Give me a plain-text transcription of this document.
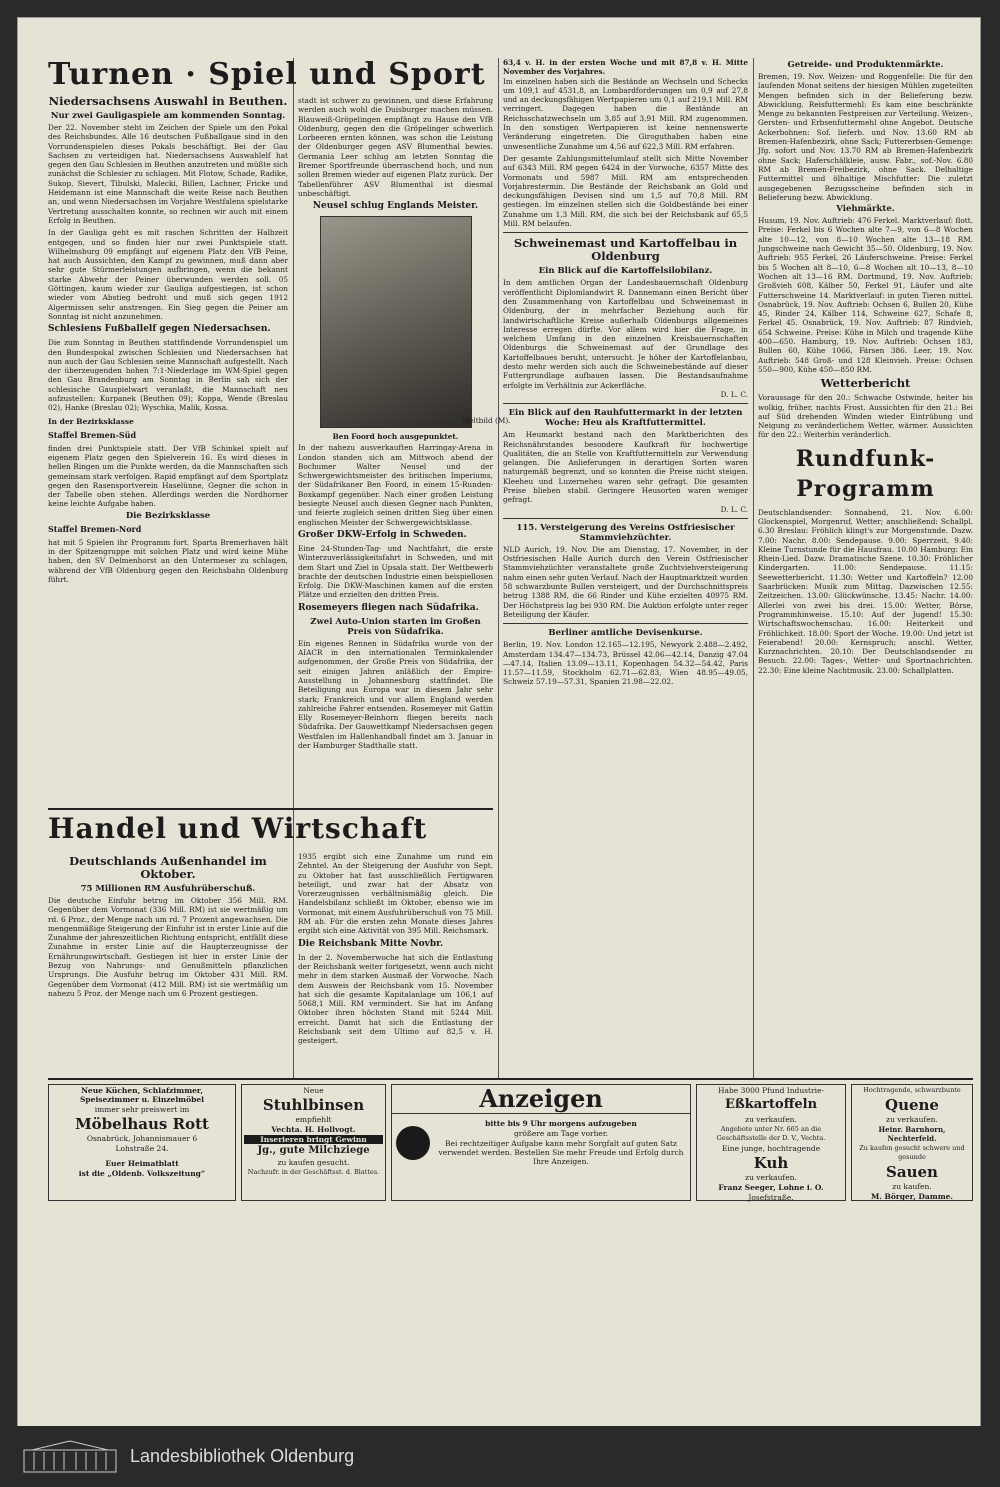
Turnen · Spiel und Sport
Niedersachsens Auswahl in Beuthen.
Nur zwei Gauligaspiele am kommenden Sonntag.

Der 22. November steht im Zeichen der Spiele um den Pokal des Reichsbundes. Alle 16 deutschen Fußballgaue sind in den Vorrundenspielen dieses Pokals beschäftigt. Bei der Gau Sachsen zu verteidigen hat. Niedersachsens Auswahlelf hat gegen den Gau Schlesien in Beuthen anzutreten und müßte sich zunächst die Schlesier zu schlagen. Mit Flotow, Schade, Radike, Sukop, Sievert, Tibulski, Malecki, Billen, Lachner, Fricke und Heidemann ist eine Mannschaft die weite Reise nach Beuthen an, und wenn Niedersachsen im Vorjahre Westfalens spielstarke Vertretung ausschalten konnte, so rechnen wir auch mit einem Erfolg in Beuthen.

In der Gauliga geht es mit raschen Schritten der Halbzeit entgegen, und so finden hier nur zwei Punktspiele statt. Wilhelmsburg 09 empfängt auf eigenem Platz den VfB Peine, hat auch Aussichten, den Kampf zu gewinnen, muß dann aber sehr gute Stürmerleistungen aufbringen, wenn die bekannt starke Abwehr der Peiner überwunden werden soll. 05 Göttingen, kaum wieder zur Gauliga aufgestiegen, ist schon wieder vom Abstieg bedroht und muß sich gegen 1912 Algermissen sehr anstrengen. Ein Sieg gegen die Peiner am Sonntag ist nicht anzunehmen.

Schlesiens Fußballelf gegen Niedersachsen.

Die zum Sonntag in Beuthen stattfindende Vorrundenspiel um den Bundespokal zwischen Schlesien und Niedersachsen hat nun auch der Gau Schlesien seine Mannschaft aufgestellt. Nach der überzeugenden hohen 7:1-Niederlage im WM-Spiel gegen den Gau Brandenburg am Sonntag in Berlin sah sich der schlesische Gauspielwart veranlaßt, die Mannschaft neu aufzustellen: Kurpanek (Beuthen 09); Koppa, Wende (Breslau 02), Hanke (Breslau 02); Wyschka, Malik, Kossa.

In der Bezirksklasse
Staffel Bremen-Süd

finden drei Punktspiele statt. Der VfB Schinkel spielt auf eigenem Platz gegen den Spielverein 16. Es wird dieses in hellen Ringen um die Punkte werden, da die Mannschaften sich gemeinsam stark verfolgen. Rapid empfängt auf dem Sportplatz gegen den Rasensportverein Haselünne, Gegner die schon in der Tabelle oben stehen. Allerdings werden die Nordhorner keine leichte Aufgabe haben.

Die Bezirksklasse
Staffel Bremen-Nord

hat mit 5 Spielen ihr Programm fort. Sparta Bremerhaven hält in der Spitzengruppe mit solchen Platz und wird keine Mühe haben, den SV Delmenhorst an den Untermeser zu schlagen, während der VfB Oldenburg gegen den Reichsbahn Oldenburg führt.

stadt ist schwer zu gewinnen, und diese Erfahrung werden auch wohl die Duisburger machen müssen. Blauweiß-Gröpelingen empfängt zu Hause den VfB Oldenburg, gegen den die Gröpelinger schwerlich Lorbeeren ernten können, was schon die Leistung der Oldenburger gegen ASV Blumenthal bewies. Germania Leer schlug am letzten Sonntag die Bremer Sportfreunde überraschend hoch, und nun sollen Bremen wieder auf eigenen Platz zurück. Der Tabellenführer ASV Blumenthal ist diesmal unbeschäftigt.

Neusel schlug Englands Meister.
Weltbild (M).
Ben Foord hoch ausgepunktet.

In der nahezu ausverkauften Harringay-Arena in London standen sich am Mittwoch abend der Bochumer Walter Neusel und der Schwergewichtsmeister des britischen Imperiums, der Südafrikaner Ben Foord, in einem 15-Runden-Boxkampf gegenüber. Nach einer großen Leistung besiegte Neusel auch diesen Gegner nach Punkten, und feierte zugleich seinen dritten Sieg über einen englischen Meister der Schwergewichtsklasse.

Großer DKW-Erfolg in Schweden.

Eine 24-Stunden-Tag- und Nachtfahrt, die erste Winterzuverlässigkeitsfahrt in Schweden, und mit dem Start und Ziel in Upsala statt. Der Wettbewerb brachte der deutschen Industrie einen beispiellosen Erfolg. Die DKW-Maschinen kamen auf die ersten Plätze und erzielten den dritten Preis.

Rosemeyers fliegen nach Südafrika.
Zwei Auto-Union starten im Großen Preis von Südafrika.

Ein eigenes Rennen in Südafrika wurde von der AIACR in den internationalen Terminkalender aufgenommen, der Große Preis von Südafrika, der seit einigen Jahren anläßlich der Empire-Ausstellung in Johannesburg stattfindet. Die Beteiligung aus Europa war in diesem Jahr sehr stark; Frankreich und vor allem England werden zahlreiche Fahrer entsenden. Rosemeyer mit Gattin Elly Rosemeyer-Beinhorn fliegen bereits nach Südafrika. Der Gauwettkampf Niedersachsen gegen Westfalen im Hallenhandball findet am 3. Januar in der Hamburger Stadthalle statt.

63,4 v. H. in der ersten Woche und mit 87,8 v. H. Mitte November des Vorjahres.

Im einzelnen haben sich die Bestände an Wechseln und Schecks um 109,1 auf 4531,8, an Lombardforderungen um 0,9 auf 27,8 und an deckungsfähigen Wertpapieren um 0,1 auf 219,1 Mill. RM verringert. Dagegen haben die Bestände an Reichsschatzwechseln um 3,85 auf 3,91 Mill. RM zugenommen. In den sonstigen Wertpapieren ist keine nennenswerte Veränderung eingetreten. Die Giroguthaben haben eine unwesentliche Zunahme um 4,56 auf 622,3 Mill. RM erfahren.

Der gesamte Zahlungsmittelumlauf stellt sich Mitte November auf 6343 Mill. RM gegen 6424 in der Vorwoche, 6357 Mitte des Vormonats und 5987 Mill. RM am entsprechenden Vorjahrestermin. Die Bestände der Reichsbank an Gold und deckungsfähigen Devisen sind um 1,5 auf 70,8 Mill. RM gestiegen. Im einzelnen stellen sich die Goldbestände bei einer Zunahme um 1,3 Mill. RM, die sich bei der Reichsbank auf 65,5 Mill. RM belaufen.

Schweinemast und Kartoffelbau in Oldenburg
Ein Blick auf die Kartoffelsilobilanz.

In dem amtlichen Organ der Landesbauernschaft Oldenburg veröffentlicht Diplomlandwirt R. Dannemann einen Bericht über den Zusammenhang von Kartoffelbau und Schweinemast in Oldenburg, der in mehrfacher Beziehung auch für landwirtschaftliche Kreise außerhalb Oldenburgs allgemeines Interesse erregen dürfte. Vor allem wird hier die Frage, in welchem Umfang in den einzelnen Kreisbauernschaften Oldenburgs die Schweinemast auf der Grundlage des Kartoffelbaues beruht, untersucht. Je höher der Kartoffelanbau, desto mehr werden sich auch die Schweinebestände auf dieser Futtergrundlage aufbauen lassen. Die Bestandsaufnahme erfolgte im Verhältnis zur Ackerfläche.

D. L. C.
Ein Blick auf den Rauhfuttermarkt in der letzten Woche: Heu als Kraftfuttermittel.

Am Heumarkt bestand nach den Marktberichten des Reichsnährstandes besondere Kaufkraft für hochwertige Qualitäten, die an Stelle von Kraftfuttermitteln zur Verwendung gelangen. Die Anlieferungen in derartigen Sorten waren naturgemäß begrenzt, und so konnten die Preise nicht steigen. Kleeheu und Luzerneheu waren sehr gefragt. Die gesamten Preise blieben stabil. Geringere Heusorten waren weniger gefragt.

D. L. C.
115. Versteigerung des Vereins Ostfriesischer Stammviehzüchter.

NLD Aurich, 19. Nov. Die am Dienstag, 17. November, in der Ostfriesischen Halle Aurich durch den Verein Ostfriesischer Stammviehzüchter veranstaltete große Zuchtviehversteigerung nahm einen sehr guten Verlauf. Nach der Hauptmarktzeit wurden 58 schwarzbunte Bullen versteigert, und der Durchschnittspreis betrug 1388 RM, die 66 Rinder und Kühe erzielten 40975 RM. Der Höchstpreis lag bei 930 RM. Die Auktion erfolgte unter reger Beteiligung der Käufer.

Berliner amtliche Devisenkurse.

Berlin, 19. Nov. London 12.165—12.195, Newyork 2.488—2.492, Amsterdam 134.47—134.73, Brüssel 42.06—42.14, Danzig 47.04—47.14, Italien 13.09—13.11, Kopenhagen 54.32—54.42, Paris 11.57—11.59, Stockholm 62.71—62.83, Wien 48.95—49.05, Schweiz 57.19—57.31, Spanien 21.98—22.02.

Getreide- und Produktenmärkte.

Bremen, 19. Nov. Weizen- und Roggenfelle: Die für den laufenden Monat seitens der hiesigen Mühlen zugeteilten Mengen befinden sich in der Belieferung bezw. Abwicklung. Reisfuttermehl: Es kam eine beschränkte Menge zu bekannten Festpreisen zur Verteilung. Weizen-, Gersten- und Erbsenfuttermehl ohne Angebot. Deutsche Ackerbohnen: Sof. lieferb. und Nov. 13.60 RM ab Bremen-Hafenbezirk, ohne Sack; Futtererbsen-Gemenge: Jfg. sofort und Nov. 13.70 RM ab Bremen-Hafenbezirk ohne Sack; Haferschälkleie, ausw. Fabr., sof.-Nov. 6.80 RM ab Bremen-Freibezirk, ohne Sack. Delhaltige Futtermittel und ölhaltige Mischfutter: Die zuletzt ausgegebenen Bezugsscheine befinden sich in Belieferung bezw. Abwicklung.

Viehmärkte.

Husum, 19. Nov. Auftrieb: 476 Ferkel. Marktverlauf: flott. Preise: Ferkel bis 6 Wochen alte 7—9, von 6—8 Wochen alte 10—12, von 8—10 Wochen alte 13—18 RM. Jungschweine nach Gewicht 35—50. Oldenburg, 19. Nov. Auftrieb: 955 Ferkel, 26 Läuferschweine. Preise: Ferkel bis 5 Wochen alt 8—10, 6—8 Wochen alt 10—13, 8—10 Wochen alt 13—16 RM. Dortmund, 19. Nov. Auftrieb: Großvieh 608, Kälber 50, Ferkel 91, Läufer und alte Futterschweine 14. Marktverlauf: in guten Tieren mittel. Osnabrück, 19. Nov. Auftrieb: Ochsen 6, Bullen 20, Kühe 45, Rinder 24, Kälber 114, Schweine 627, Schafe 8, Ferkel 45. Osnabrück, 19. Nov. Auftrieb: 87 Rindvieh, 654 Schweine. Preise: Kühe in Milch und tragende Kühe 400—650. Hamburg, 19. Nov. Auftrieb: Ochsen 183, Bullen 60, Kühe 1066, Färsen 386. Leer, 19. Nov. Auftrieb: 548 Groß- und 128 Kleinvieh. Preise: Ochsen 550—900, Kühe 450—850 RM.

Wetterbericht

Voraussage für den 20.: Schwache Ostwinde, heiter bis wolkig, früher, nachts Frost. Aussichten für den 21.: Bei auf Süd drehenden Winden wieder Eintrübung und Neigung zu veränderlichem Wetter, wärmer. Aussichten für den 22.: Weiterhin veränderlich.

Rundfunk-Programm

Deutschlandsender: Sonnabend, 21. Nov. 6.00: Glockenspiel, Morgenruf, Wetter; anschließend: Schallpl. 6.30 Breslau: Fröhlich klingt's zur Morgenstunde. Dazw. 7.00: Nachr. 8.00: Sendepause. 9.00: Sperrzeit. 9.40: Kleine Turnstunde für die Hausfrau. 10.00 Hamburg: Ein Rhein-Lied. Dazw. Dramatische Szene. 10.30: Fröhlicher Kindergarten. 11.00: Sendepause. 11.15: Seewetterbericht. 11.30: Wetter und Kartoffeln? 12.00 Saarbrücken: Musik zum Mittag. Dazwischen 12.55: Zeitzeichen. 13.00: Glückwünsche. 13.45: Nachr. 14.00: Allerlei von zwei bis drei. 15.00: Wetter, Börse, Programmhinweise. 15.10: Auf der Jugend! 15.30: Wirtschaftswochenschau. 16.00: Heiterkeit und Fröhlichkeit. 18.00: Sport der Woche. 19.00: Und jetzt ist Feierabend! 20.00: Kernspruch; anschl. Wetter, Kurznachrichten. 20.10: Der Deutschlandsender zu Besuch. 22.00: Tages-, Wetter- und Sportnachrichten. 22.30: Eine kleine Nachtmusik. 23.00: Schallplatten.

Handel und Wirtschaft
Deutschlands Außenhandel im Oktober.
75 Millionen RM Ausfuhrüberschuß.

Die deutsche Einfuhr betrug im Oktober 356 Mill. RM. Gegenüber dem Vormonat (336 Mill. RM) ist sie wertmäßig um rd. 6 Proz., der Menge nach um rd. 7 Prozent angewachsen. Die mengenmäßige Steigerung der Einfuhr ist in erster Linie auf die Zunahme der jahreszeitlichen Richtung entspricht, entfällt diese Zunahme in erster Linie auf die Haupterzeugnisse der Ernährungswirtschaft. Gestiegen ist hier in erster Linie der Bezug von Nahrungs- und Genußmitteln pflanzlichen Ursprungs. Die Ausfuhr betrug im Oktober 431 Mill. RM. Gegenüber dem Vormonat (412 Mill. RM) ist sie wertmäßig um nahezu 5 Proz. der Menge nach um 6 Prozent gestiegen.

1935 ergibt sich eine Zunahme um rund ein Zehntel. An der Steigerung der Ausfuhr von Sept. zu Oktober hat fast ausschließlich Fertigwaren beteiligt, und zwar hat der Absatz von Vorerzeugnissen verhältnismäßig gleich. Die Handelsbilanz schließt im Oktober, ebenso wie im Vormonat, mit einem Ausfuhrüberschuß von 75 Mill. RM ab. Für die ersten zehn Monate dieses Jahres ergibt sich eine Aktivität von 395 Mill. Reichsmark.

Die Reichsbank Mitte Novbr.

In der 2. Novemberwoche hat sich die Entlastung der Reichsbank weiter fortgesetzt, wenn auch nicht mehr in dem starken Ausmaß der Vorwoche. Nach dem Ausweis der Reichsbank vom 15. November hat sich die gesamte Kapitalanlage um 106,1 auf 5068,1 Mill. RM vermindert. Sie hat im Anfang Oktober ihren höchsten Stand mit 5244 Mill. erreicht. Damit hat sich die Entlastung der Reichsbank seit dem Ultimo auf 82,5 v. H. gesteigert.

Neue Küchen, Schlafzimmer, Speisezimmer u. Einzelmöbel
immer sehr preiswert im
Möbelhaus Rott
Osnabrück, Johannismauer 6
Lohstraße 24.
Euer Heimatblatt
ist die „Oldenb. Volkszeitung“
Neue
Stuhlbinsen
empfiehlt
Vechta. H. Hollvogt.
Inserieren bringt Gewinn
Jg., gute Milchziege
zu kaufen gesucht.
Nachzufr. in der Geschäftsst. d. Blattes.
Anzeigen
bitte bis 9 Uhr morgens aufzugeben
größere am Tage vorher.
Bei rechtzeitiger Aufgabe kann mehr Sorgfalt auf guten Satz verwendet werden. Bestellen Sie mehr Freude und Erfolg durch Ihre Anzeigen.
Habe 3000 Pfund Industrie-
Eßkartoffeln
zu verkaufen.
Angebote unter Nr. 665 an die Geschäftsstelle der D. V., Vechta.
Eine junge, hochtragende
Kuh
zu verkaufen.
Franz Seeger, Lohne i. O.
Josefstraße.
Hochtragende, schwarzbunte
Quene
zu verkaufen.
Heinr. Barnhorn, Nechterfeld.
Zu kaufen gesucht schwere und gesunde
Sauen
zu kaufen.
M. Börger, Damme.
Landesbibliothek Oldenburg
